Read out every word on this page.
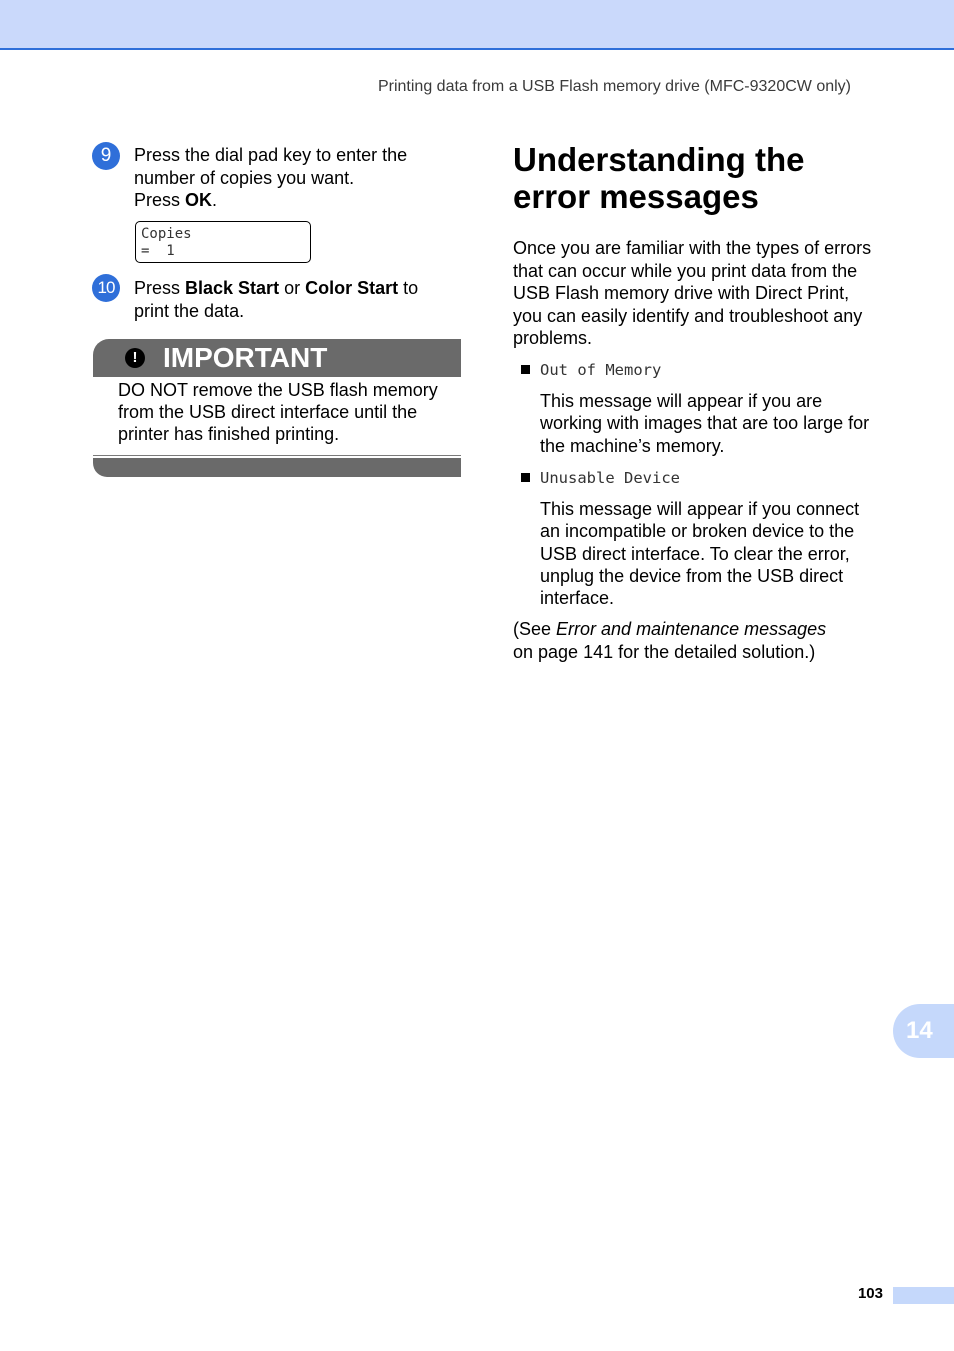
Printing data from a USB Flash memory drive (MFC-9320CW only)
9	Press the dial pad key to enter the
number of copies you want.
Press OK.
Copies
=  1
10	Press Black Start or Color Start to
print the data.
! IMPORTANT
DO NOT remove the USB flash memory
from the USB direct interface until the
printer has finished printing.
Understanding the
error messages
Once you are familiar with the types of errors
that can occur while you print data from the
USB Flash memory drive with Direct Print,
you can easily identify and troubleshoot any
problems.
Out of Memory
This message will appear if you are
working with images that are too large for
the machine’s memory.
Unusable Device
This message will appear if you connect
an incompatible or broken device to the
USB direct interface. To clear the error,
unplug the device from the USB direct
interface.
(See Error and maintenance messages
on page 141 for the detailed solution.)
14
103
